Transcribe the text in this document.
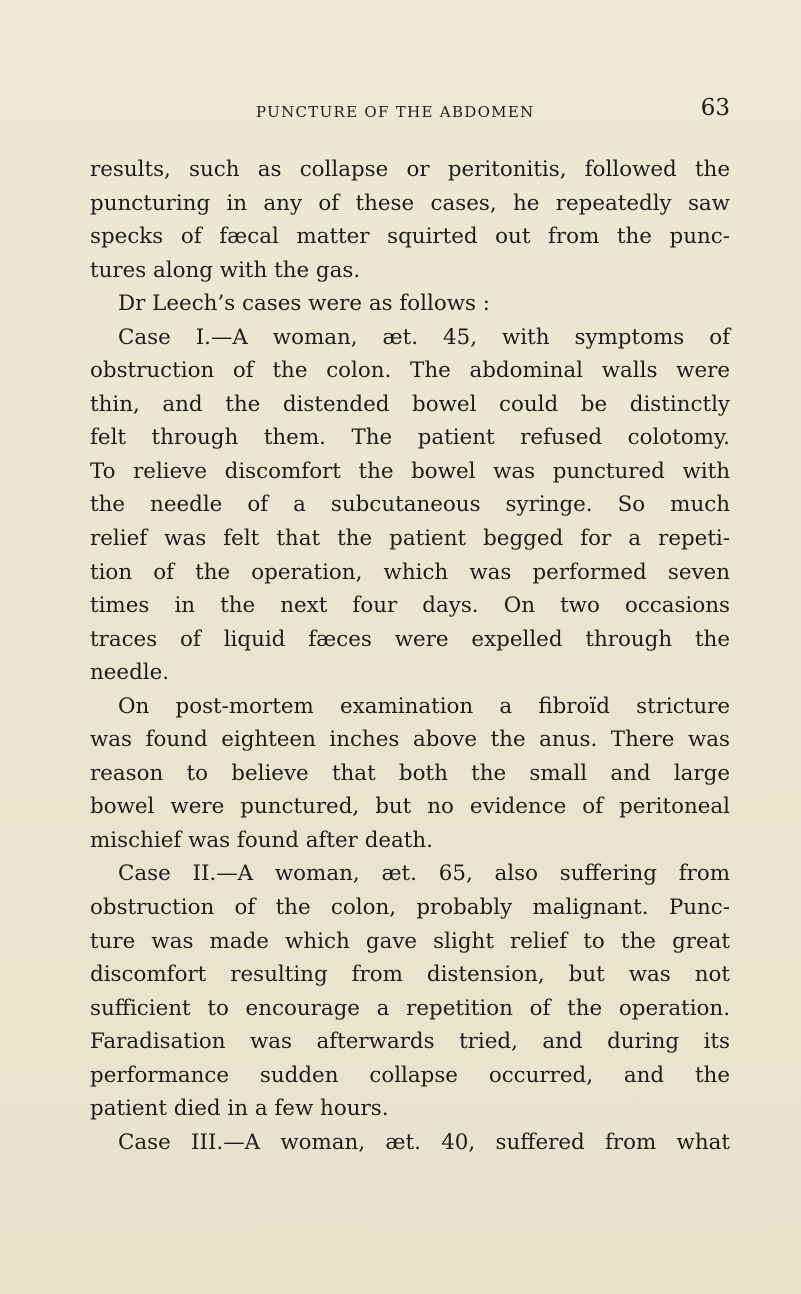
PUNCTURE OF THE ABDOMEN	63
results, such as collapse or peritonitis, followed the
puncturing in any of these cases, he repeatedly saw
specks of fæcal matter squirted out from the punc-
tures along with the gas.
Dr Leech’s cases were as follows :
Case I.—A woman, æt. 45, with symptoms of
obstruction of the colon. The abdominal walls were
thin, and the distended bowel could be distinctly
felt through them. The patient refused colotomy.
To relieve discomfort the bowel was punctured with
the needle of a subcutaneous syringe. So much
relief was felt that the patient begged for a repeti-
tion of the operation, which was performed seven
times in the next four days. On two occasions
traces of liquid fæces were expelled through the
needle.
On post-mortem examination a fibroïd stricture
was found eighteen inches above the anus. There was
reason to believe that both the small and large
bowel were punctured, but no evidence of peritoneal
mischief was found after death.
Case II.—A woman, æt. 65, also suffering from
obstruction of the colon, probably malignant. Punc-
ture was made which gave slight relief to the great
discomfort resulting from distension, but was not
sufficient to encourage a repetition of the operation.
Faradisation was afterwards tried, and during its
performance sudden collapse occurred, and the
patient died in a few hours.
Case III.—A woman, æt. 40, suffered from what
